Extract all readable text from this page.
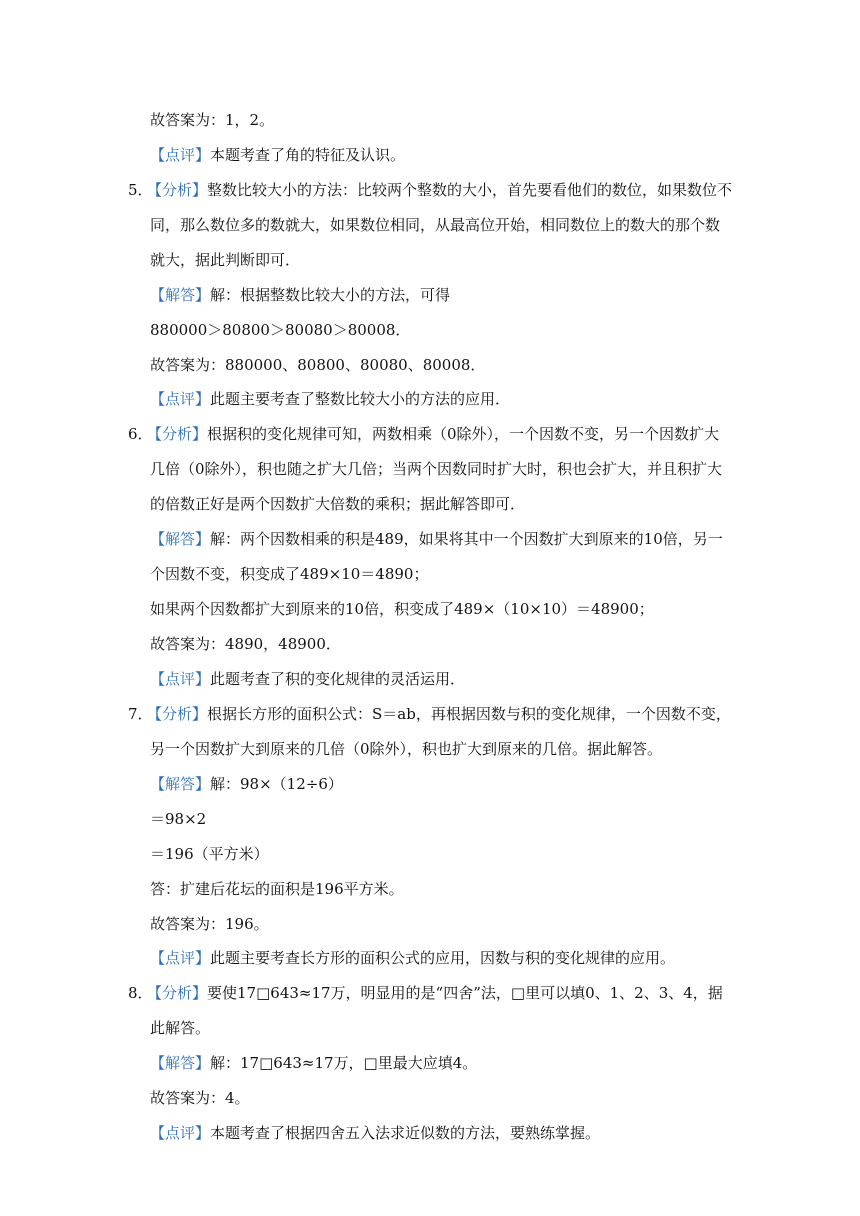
故答案为：1，2。
【点评】本题考查了角的特征及认识。
5．
【分析】整数比较大小的方法：比较两个整数的大小，首先要看他们的数位，如果数位不
同，那么数位多的数就大，如果数位相同，从最高位开始，相同数位上的数大的那个数
就大，据此判断即可．
【解答】解：根据整数比较大小的方法，可得
880000＞80800＞80080＞80008．
故答案为：880000、80800、80080、80008．
【点评】此题主要考查了整数比较大小的方法的应用．
6．
【分析】根据积的变化规律可知，两数相乘（0除外），一个因数不变，另一个因数扩大
几倍（0除外），积也随之扩大几倍；当两个因数同时扩大时，积也会扩大，并且积扩大
的倍数正好是两个因数扩大倍数的乘积；据此解答即可．
【解答】解：两个因数相乘的积是489，如果将其中一个因数扩大到原来的10倍，另一
个因数不变，积变成了489×10＝4890；
如果两个因数都扩大到原来的10倍，积变成了489×（10×10）＝48900；
故答案为：4890，48900．
【点评】此题考查了积的变化规律的灵活运用．
7．
【分析】根据长方形的面积公式：S＝ab，再根据因数与积的变化规律，一个因数不变，
另一个因数扩大到原来的几倍（0除外），积也扩大到原来的几倍。据此解答。
【解答】解：98×（12÷6）
＝98×2
＝196（平方米）
答：扩建后花坛的面积是196平方米。
故答案为：196。
【点评】此题主要考查长方形的面积公式的应用，因数与积的变化规律的应用。
8．
【分析】要使17□643≈17万，明显用的是“四舍”法，□里可以填0、1、2、3、4，据
此解答。
【解答】解：17□643≈17万，□里最大应填4。
故答案为：4。
【点评】本题考查了根据四舍五入法求近似数的方法，要熟练掌握。
